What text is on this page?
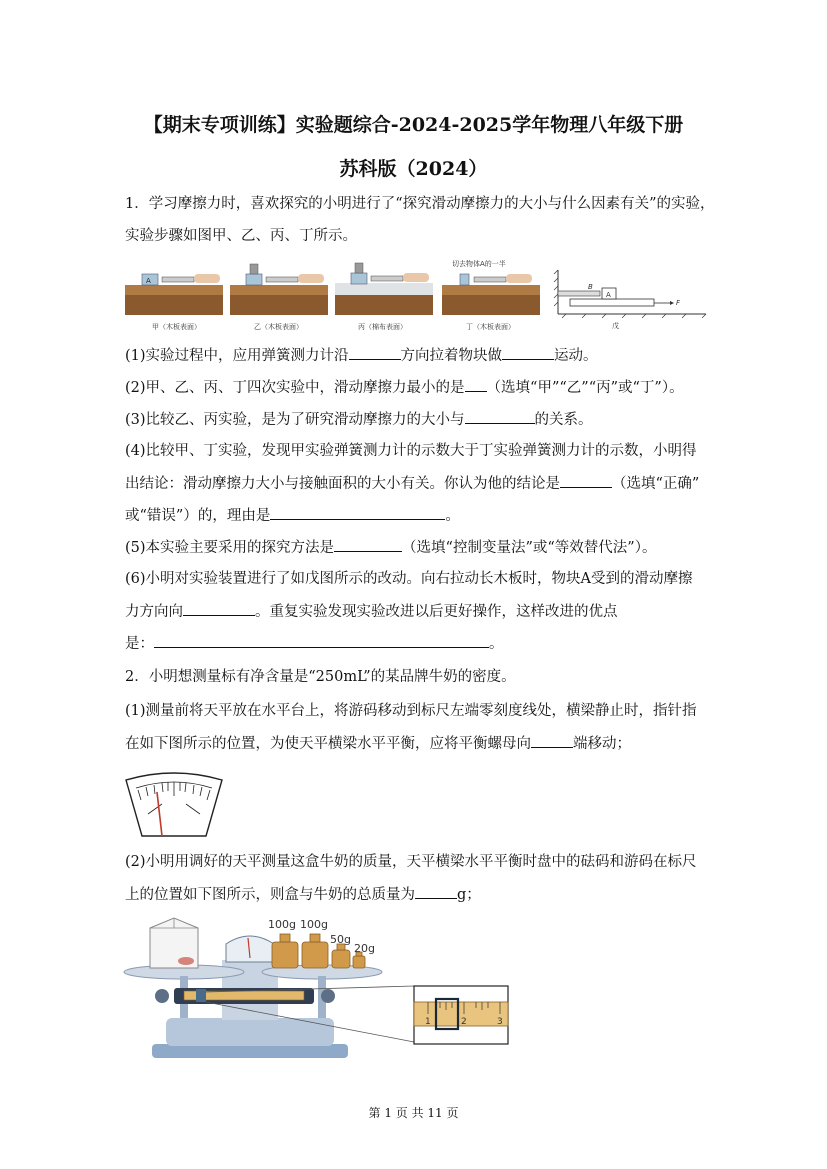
【期末专项训练】实验题综合-2024-2025学年物理八年级下册
苏科版（2024）
1．学习摩擦力时，喜欢探究的小明进行了“探究滑动摩擦力的大小与什么因素有关”的实验，
实验步骤如图甲、乙、丙、丁所示。
A
甲（木板表面）	乙（木板表面）	丙（棉布表面）
切去物体A的一半
丁（木板表面）
B
A
F
戊
(1)实验过程中，应用弹簧测力计沿	方向拉着物块做	运动。
(2)甲、乙、丙、丁四次实验中，滑动摩擦力最小的是 （选填“甲”“乙”“丙”或“丁”）。
(3)比较乙、丙实验，是为了研究滑动摩擦力的大小与	的关系。
(4)比较甲、丁实验，发现甲实验弹簧测力计的示数大于丁实验弹簧测力计的示数，小明得
出结论：滑动摩擦力大小与接触面积的大小有关。你认为他的结论是	（选填“正确”
或“错误”）的，理由是	。
(5)本实验主要采用的探究方法是	（选填“控制变量法”或“等效替代法”）。
(6)小明对实验装置进行了如戊图所示的改动。向右拉动长木板时，物块A受到的滑动摩擦
力方向向	。重复实验发现实验改进以后更好操作，这样改进的优点
是：	。
2．小明想测量标有净含量是“250mL”的某品牌牛奶的密度。
(1)测量前将天平放在水平台上，将游码移动到标尺左端零刻度线处，横梁静止时，指针指
在如下图所示的位置，为使天平横梁水平平衡，应将平衡螺母向	端移动；
(2)小明用调好的天平测量这盒牛奶的质量，天平横梁水平平衡时盘中的砝码和游码在标尺
上的位置如下图所示，则盒与牛奶的总质量为	g；
100g 100g
50g
20g
1	2	3
第 1 页 共 11 页
